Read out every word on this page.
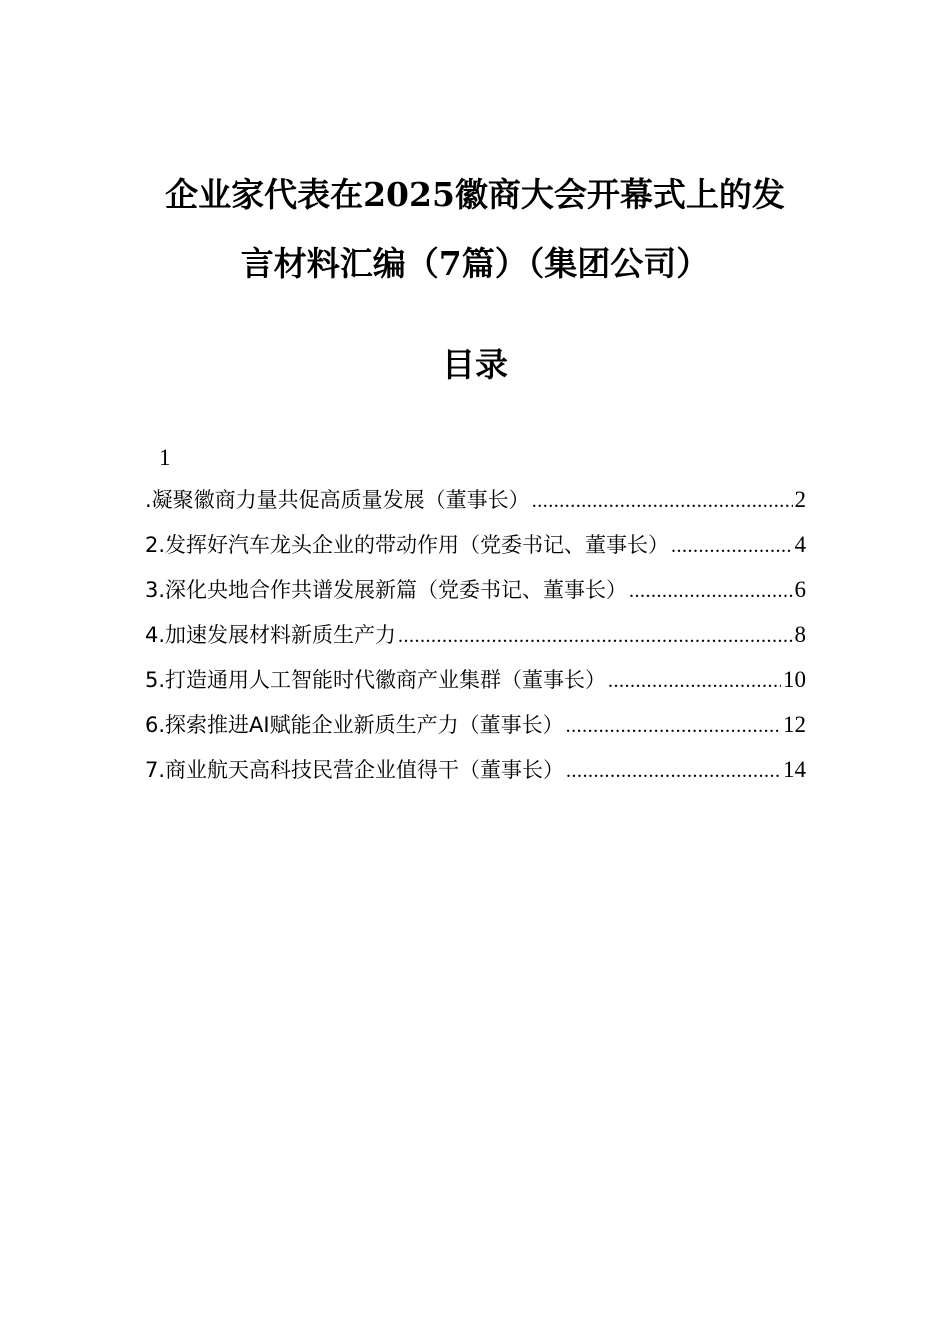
企业家代表在2025徽商大会开幕式上的发
言材料汇编（7篇）（集团公司）
目录
1
.凝聚徽商力量共促高质量发展（董事长） .....	2
2.发挥好汽车龙头企业的带动作用（党委书记、董事长） .....	4
3.深化央地合作共谱发展新篇（党委书记、董事长） .....	6
4.加速发展材料新质生产力 .....	8
5.打造通用人工智能时代徽商产业集群（董事长） .....	10
6.探索推进AI赋能企业新质生产力（董事长） .....	12
7.商业航天高科技民营企业值得干（董事长） .....	14
